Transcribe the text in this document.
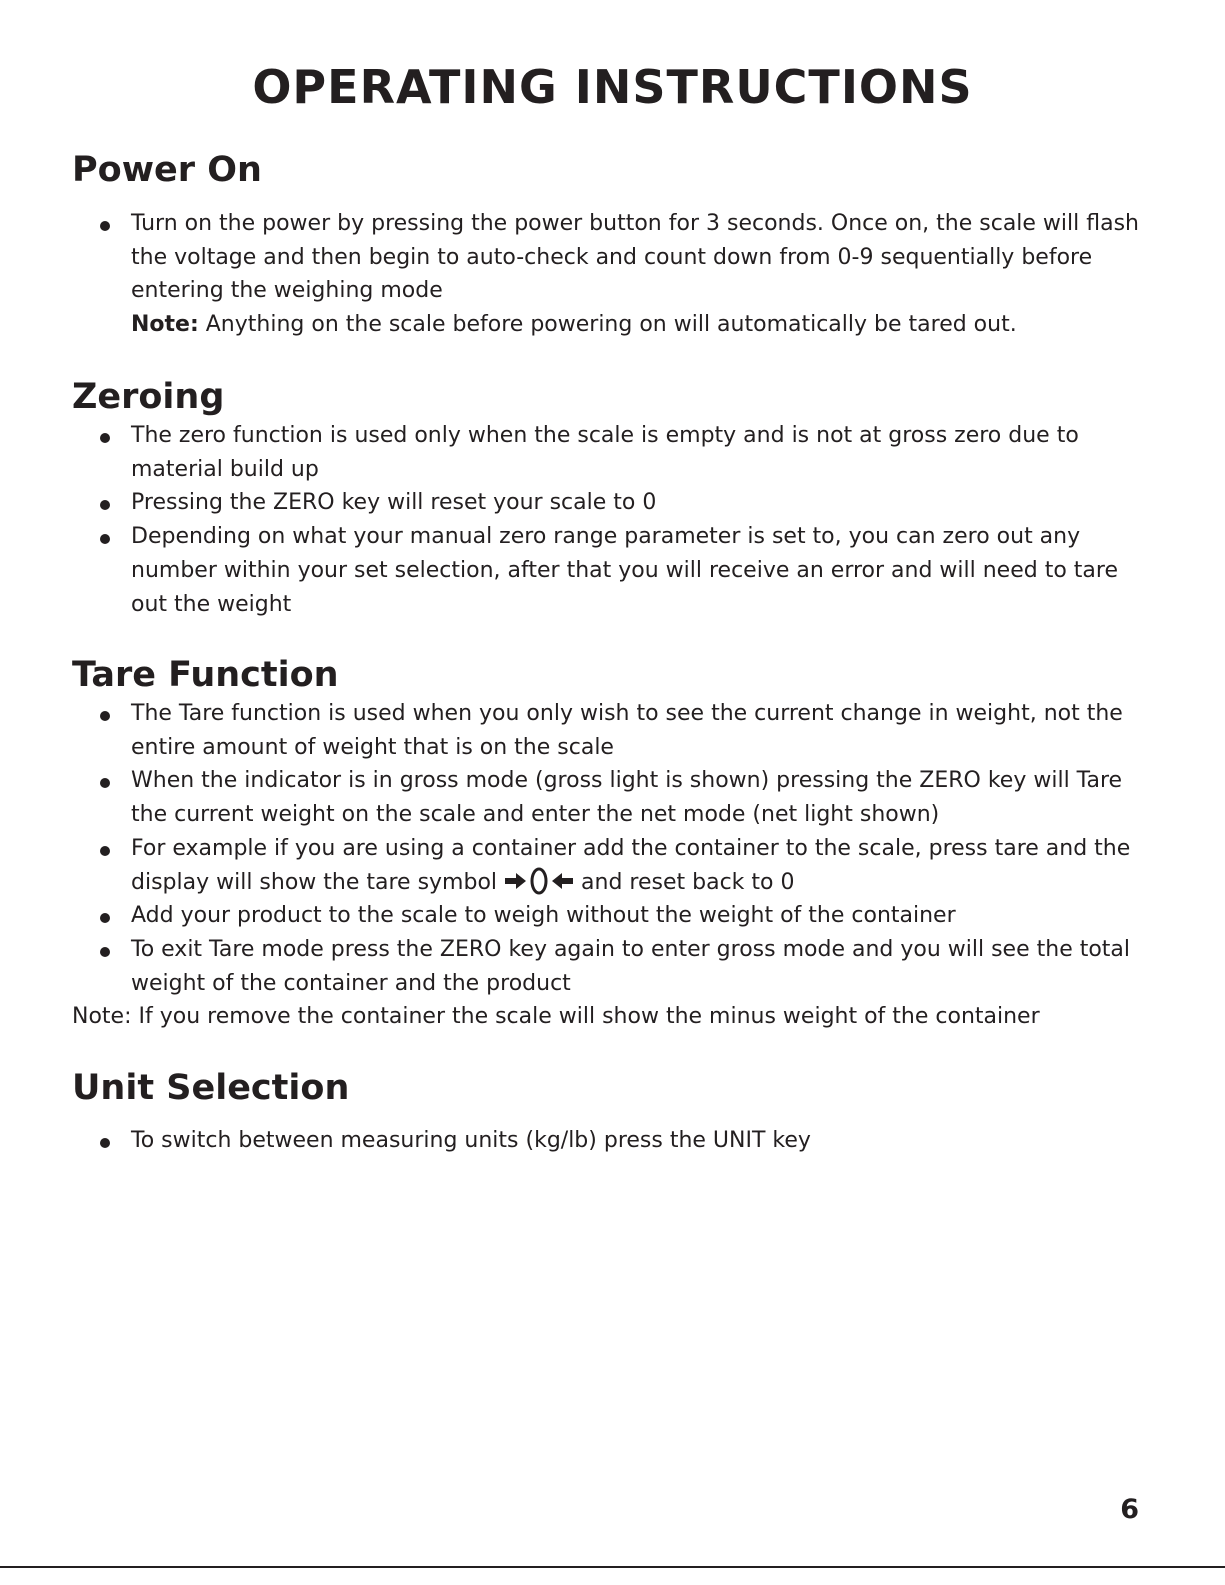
OPERATING INSTRUCTIONS
Power On
Turn on the power by pressing the power button for 3 seconds. Once on, the scale will flash the voltage and then begin to auto-check and count down from 0-9 sequentially before entering the weighing mode
Note: Anything on the scale before powering on will automatically be tared out.
Zeroing
The zero function is used only when the scale is empty and is not at gross zero due to material build up
Pressing the ZERO key will reset your scale to 0
Depending on what your manual zero range parameter is set to, you can zero out any number within your set selection, after that you will receive an error and will need to tare out the weight
Tare Function
The Tare function is used when you only wish to see the current change in weight, not the entire amount of weight that is on the scale
When the indicator is in gross mode (gross light is shown) pressing the ZERO key will Tare the current weight on the scale and enter the net mode (net light shown)
For example if you are using a container add the container to the scale, press tare and the display will show the tare symbol	and reset back to 0
Add your product to the scale to weigh without the weight of the container
To exit Tare mode press the ZERO key again to enter gross mode and you will see the total weight of the container and the product

Note: If you remove the container the scale will show the minus weight of the container

Unit Selection
To switch between measuring units (kg/lb) press the UNIT key

6
